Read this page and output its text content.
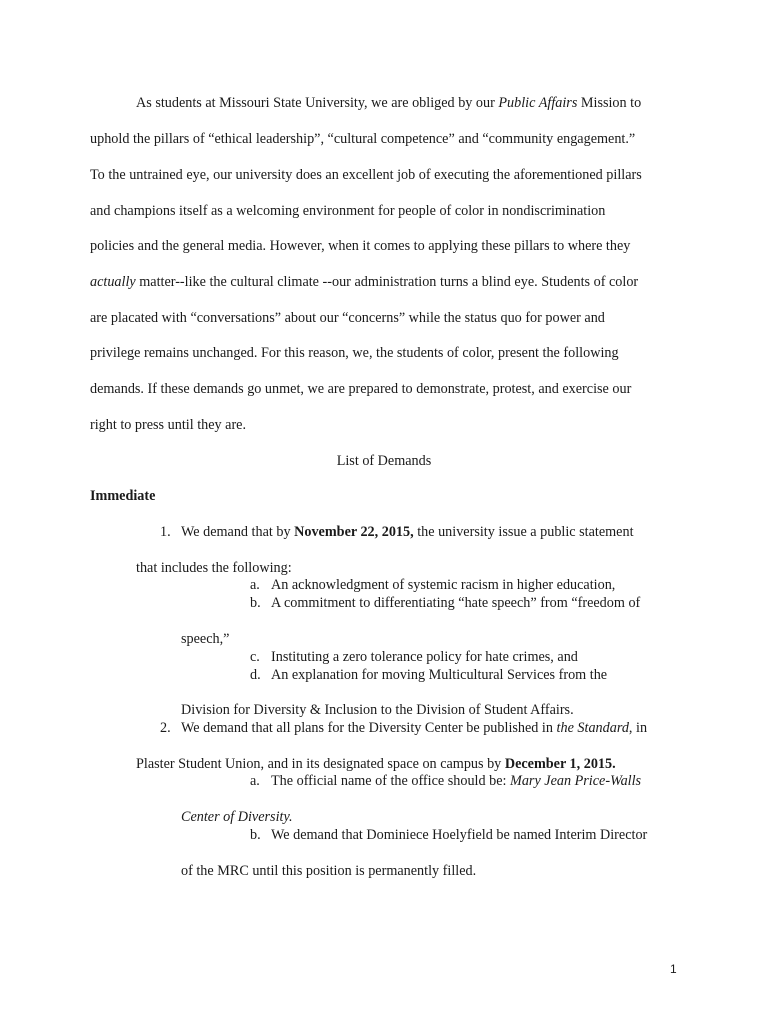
As students at Missouri State University, we are obliged by our Public Affairs Mission to
uphold the pillars of “ethical leadership”, “cultural competence” and “community engagement.”
To the untrained eye, our university does an excellent job of executing the aforementioned pillars
and champions itself as a welcoming environment for people of color in nondiscrimination
policies and the general media. However, when it comes to applying these pillars to where they
actually matter--like the cultural climate --our administration turns a blind eye. Students of color
are placated with “conversations” about our “concerns” while the status quo for power and
privilege remains unchanged. For this reason, we, the students of color, present the following
demands. If these demands go unmet, we are prepared to demonstrate, protest, and exercise our
right to press until they are.
List of Demands
Immediate
1. We demand that by November 22, 2015, the university issue a public statement
that includes the following:
a. An acknowledgment of systemic racism in higher education,
b. A commitment to differentiating “hate speech” from “freedom of
speech,”
c. Instituting a zero tolerance policy for hate crimes, and
d. An explanation for moving Multicultural Services from the
Division for Diversity & Inclusion to the Division of Student Affairs.
2. We demand that all plans for the Diversity Center be published in the Standard, in
Plaster Student Union, and in its designated space on campus by December 1, 2015.
a. The official name of the office should be: Mary Jean Price-Walls
Center of Diversity.
b. We demand that Dominiece Hoelyfield be named Interim Director
of the MRC until this position is permanently filled.
1
